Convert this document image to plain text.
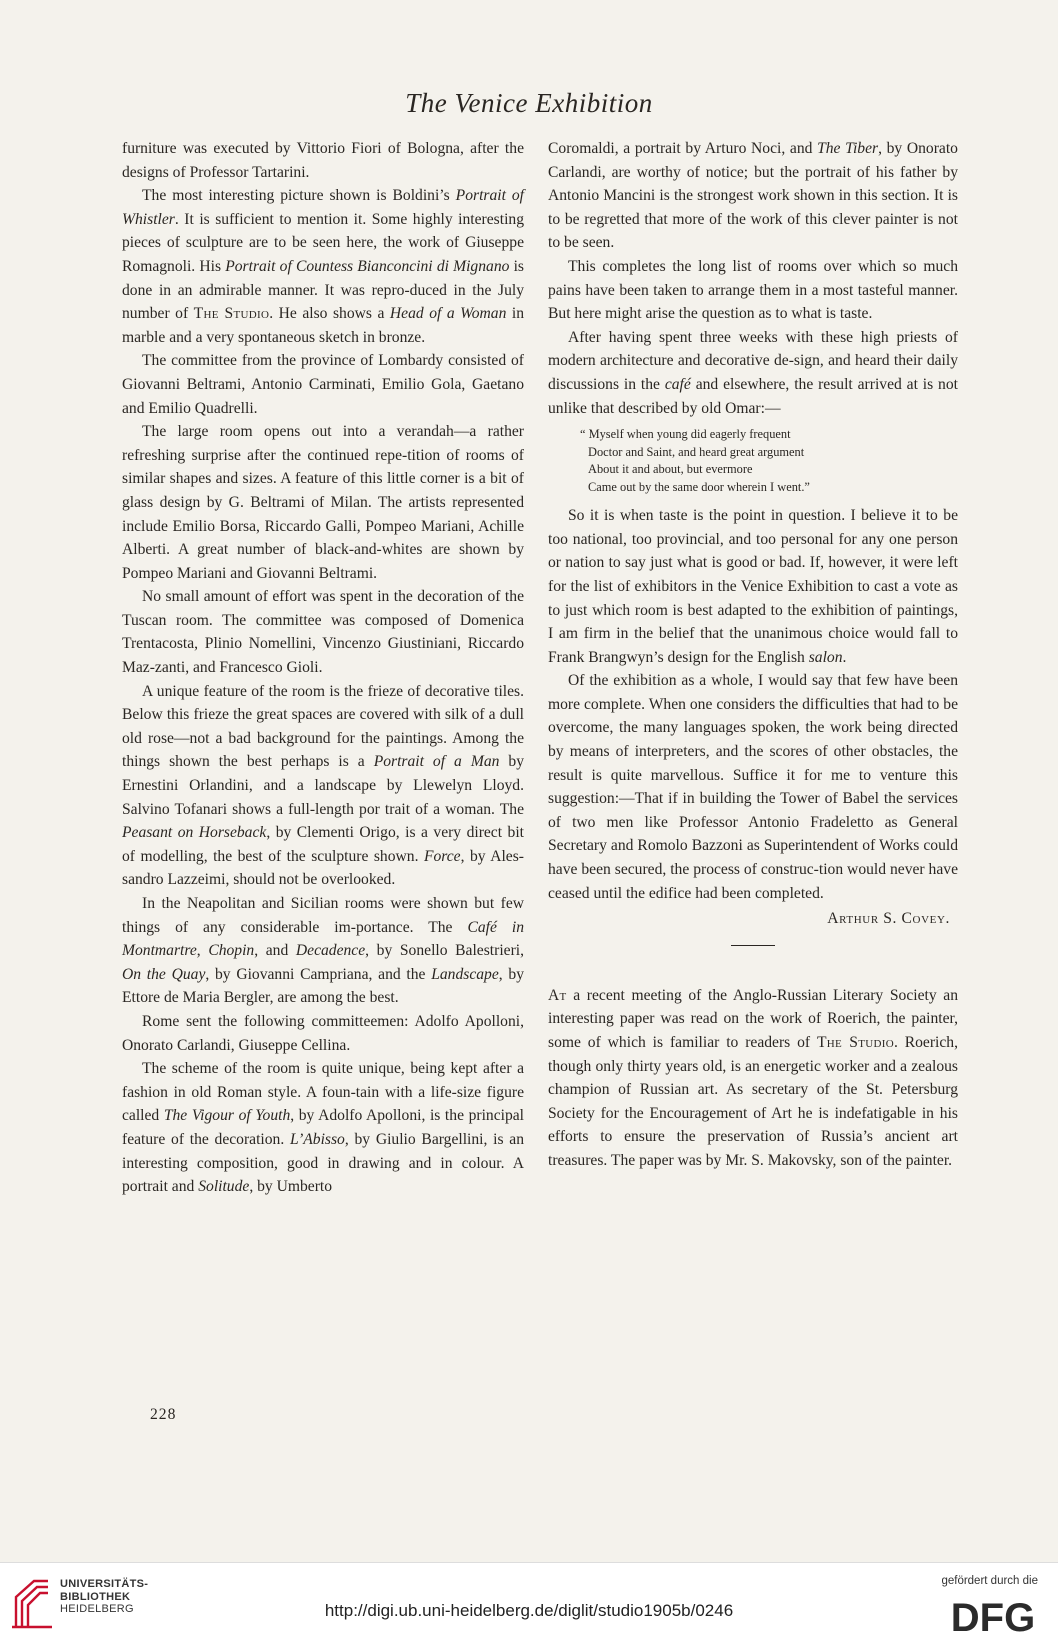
The Venice Exhibition

furniture was executed by Vittorio Fiori of Bologna, after the designs of Professor Tartarini.

The most interesting picture shown is Boldini’s Portrait of Whistler. It is sufficient to mention it. Some highly interesting pieces of sculpture are to be seen here, the work of Giuseppe Romagnoli. His Portrait of Countess Bianconcini di Mignano is done in an admirable manner. It was repro-duced in the July number of The Studio. He also shows a Head of a Woman in marble and a very spontaneous sketch in bronze.

The committee from the province of Lombardy consisted of Giovanni Beltrami, Antonio Carminati, Emilio Gola, Gaetano and Emilio Quadrelli.

The large room opens out into a verandah—a rather refreshing surprise after the continued repe-tition of rooms of similar shapes and sizes. A feature of this little corner is a bit of glass design by G. Beltrami of Milan. The artists represented include Emilio Borsa, Riccardo Galli, Pompeo Mariani, Achille Alberti. A great number of black-and-whites are shown by Pompeo Mariani and Giovanni Beltrami.

No small amount of effort was spent in the decoration of the Tuscan room. The committee was composed of Domenica Trentacosta, Plinio Nomellini, Vincenzo Giustiniani, Riccardo Maz-zanti, and Francesco Gioli.

A unique feature of the room is the frieze of decorative tiles. Below this frieze the great spaces are covered with silk of a dull old rose—not a bad background for the paintings. Among the things shown the best perhaps is a Portrait of a Man by Ernestini Orlandini, and a landscape by Llewelyn Lloyd. Salvino Tofanari shows a full-length por trait of a woman. The Peasant on Horseback, by Clementi Origo, is a very direct bit of modelling, the best of the sculpture shown. Force, by Ales-sandro Lazzeimi, should not be overlooked.

In the Neapolitan and Sicilian rooms were shown but few things of any considerable im-portance. The Café in Montmartre, Chopin, and Decadence, by Sonello Balestrieri, On the Quay, by Giovanni Campriana, and the Landscape, by Ettore de Maria Bergler, are among the best.

Rome sent the following committeemen: Adolfo Apolloni, Onorato Carlandi, Giuseppe Cellina.

The scheme of the room is quite unique, being kept after a fashion in old Roman style. A foun-tain with a life-size figure called The Vigour of Youth, by Adolfo Apolloni, is the principal feature of the decoration. L’Abisso, by Giulio Bargellini, is an interesting composition, good in drawing and in colour. A portrait and Solitude, by Umberto

Coromaldi, a portrait by Arturo Noci, and The Tiber, by Onorato Carlandi, are worthy of notice; but the portrait of his father by Antonio Mancini is the strongest work shown in this section. It is to be regretted that more of the work of this clever painter is not to be seen.

This completes the long list of rooms over which so much pains have been taken to arrange them in a most tasteful manner. But here might arise the question as to what is taste.

After having spent three weeks with these high priests of modern architecture and decorative de-sign, and heard their daily discussions in the café and elsewhere, the result arrived at is not unlike that described by old Omar:—

“ Myself when young did eagerly frequent
Doctor and Saint, and heard great argument
About it and about, but evermore
Came out by the same door wherein I went.”

So it is when taste is the point in question. I believe it to be too national, too provincial, and too personal for any one person or nation to say just what is good or bad. If, however, it were left for the list of exhibitors in the Venice Exhibition to cast a vote as to just which room is best adapted to the exhibition of paintings, I am firm in the belief that the unanimous choice would fall to Frank Brangwyn’s design for the English salon.

Of the exhibition as a whole, I would say that few have been more complete. When one considers the difficulties that had to be overcome, the many languages spoken, the work being directed by means of interpreters, and the scores of other obstacles, the result is quite marvellous. Suffice it for me to venture this suggestion:—That if in building the Tower of Babel the services of two men like Professor Antonio Fradeletto as General Secretary and Romolo Bazzoni as Superintendent of Works could have been secured, the process of construc-tion would never have ceased until the edifice had been completed.

Arthur S. Covey.

At a recent meeting of the Anglo-Russian Literary Society an interesting paper was read on the work of Roerich, the painter, some of which is familiar to readers of The Studio. Roerich, though only thirty years old, is an energetic worker and a zealous champion of Russian art. As secretary of the St. Petersburg Society for the Encouragement of Art he is indefatigable in his efforts to ensure the preservation of Russia’s ancient art treasures. The paper was by Mr. S. Makovsky, son of the painter.

228
UNIVERSITÄTS-
BIBLIOTHEK
HEIDELBERG	http://digi.ub.uni-heidelberg.de/diglit/studio1905b/0246
gefördert durch die
DFG
